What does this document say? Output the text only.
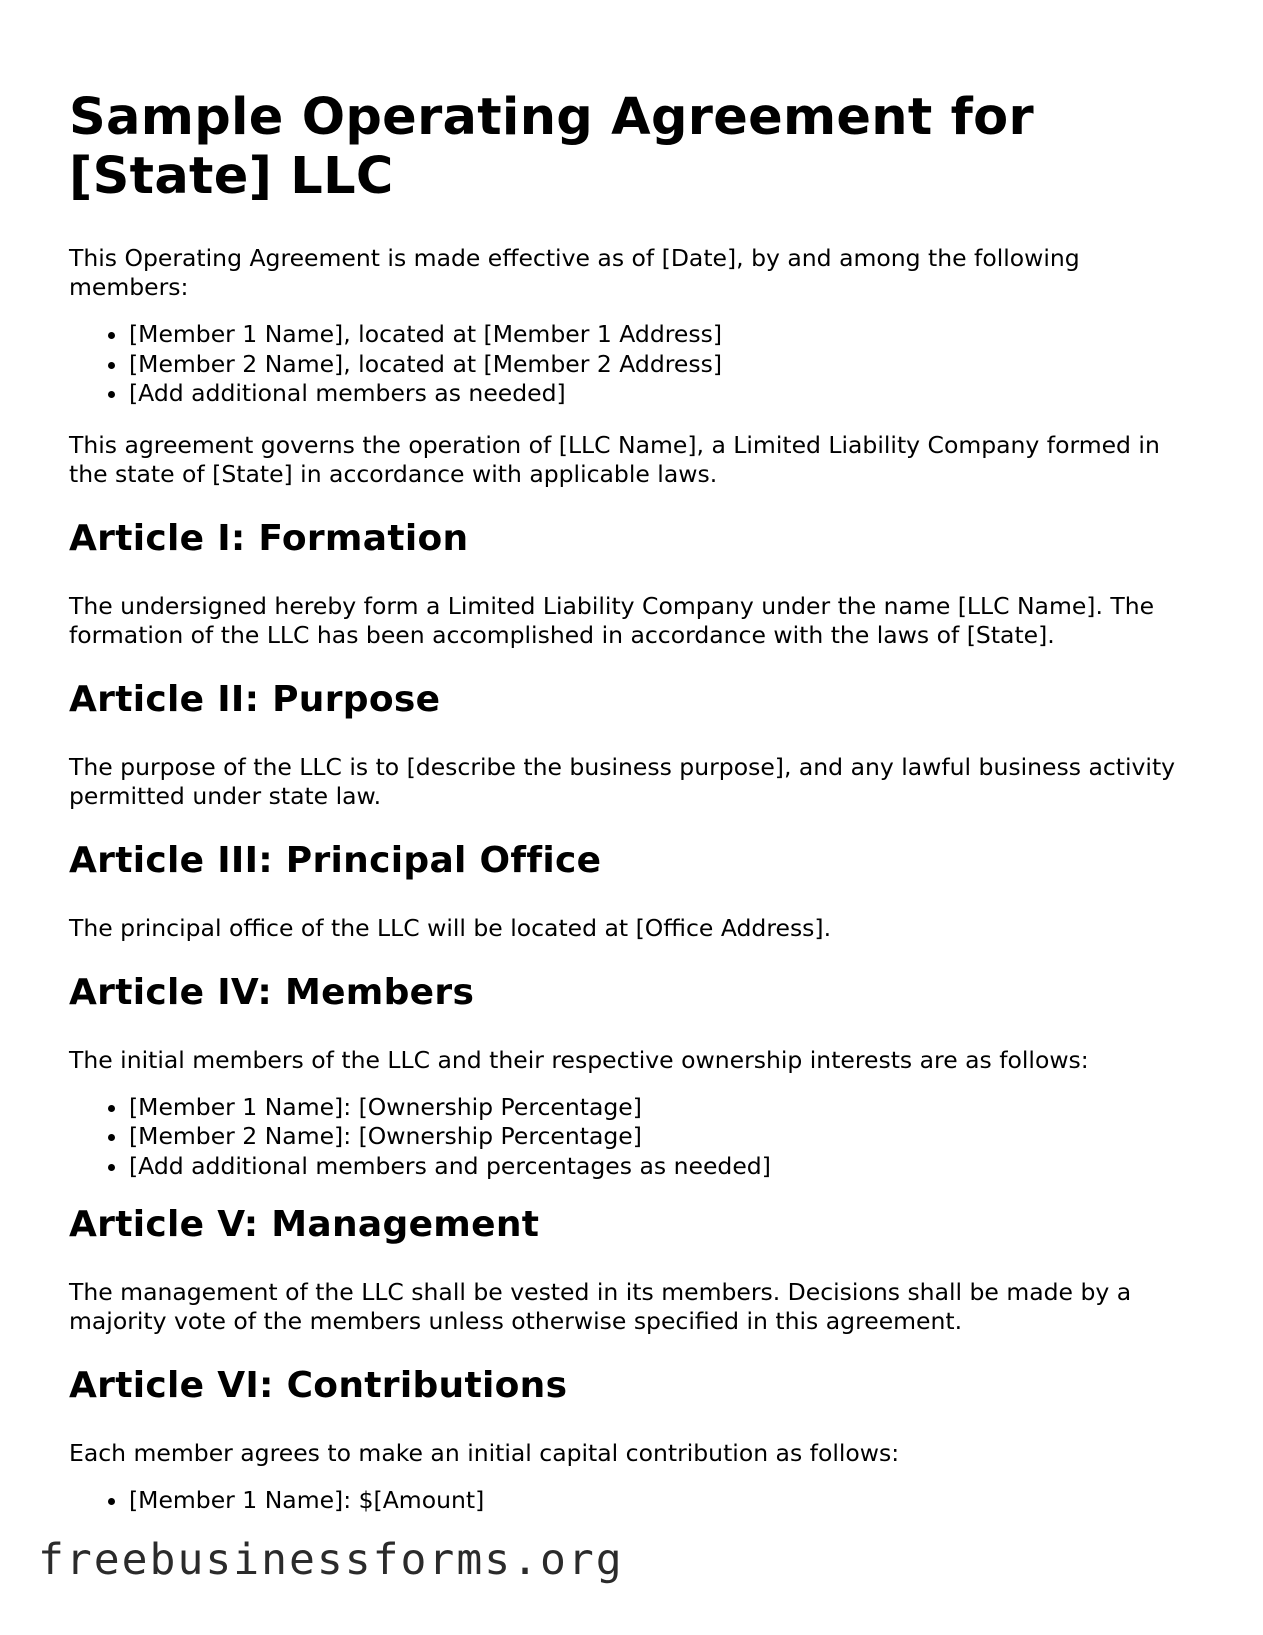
Sample Operating Agreement for [State] LLC

This Operating Agreement is made effective as of [Date], by and among the following members:

• [Member 1 Name], located at [Member 1 Address]
• [Member 2 Name], located at [Member 2 Address]
• [Add additional members as needed]

This agreement governs the operation of [LLC Name], a Limited Liability Company formed in the state of [State] in accordance with applicable laws.

Article I: Formation

The undersigned hereby form a Limited Liability Company under the name [LLC Name]. The formation of the LLC has been accomplished in accordance with the laws of [State].

Article II: Purpose

The purpose of the LLC is to [describe the business purpose], and any lawful business activity permitted under state law.

Article III: Principal Office

The principal office of the LLC will be located at [Office Address].

Article IV: Members

The initial members of the LLC and their respective ownership interests are as follows:

• [Member 1 Name]: [Ownership Percentage]
• [Member 2 Name]: [Ownership Percentage]
• [Add additional members and percentages as needed]
Article V: Management

The management of the LLC shall be vested in its members. Decisions shall be made by a majority vote of the members unless otherwise specified in this agreement.

Article VI: Contributions

Each member agrees to make an initial capital contribution as follows:

• [Member 1 Name]: $[Amount]
freebusinessforms.org
